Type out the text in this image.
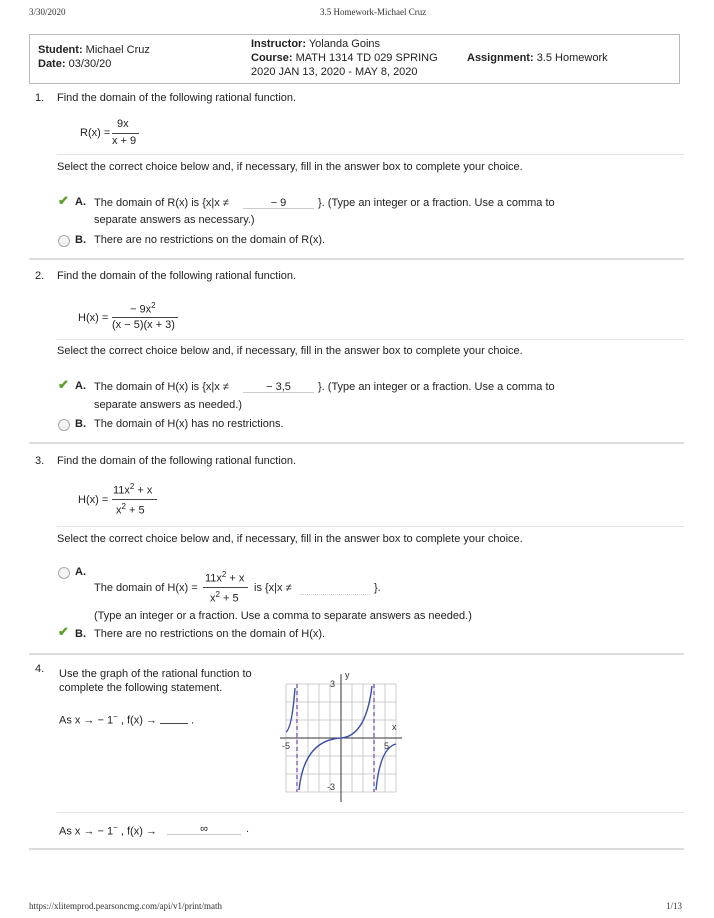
3/30/2020	3.5 Homework-Michael Cruz
Student: Michael Cruz
Date: 03/30/20
Instructor: Yolanda Goins
Course: MATH 1314 TD 029 SPRING
2020 JAN 13, 2020 - MAY 8, 2020
Assignment: 3.5 Homework
1. Find the domain of the following rational function.
R(x) =
9x
x + 9
Select the correct choice below and, if necessary, fill in the answer box to complete your choice.
✔ A. The domain of R(x) is {x|x ≠	− 9	}. (Type an integer or a fraction. Use a comma to
separate answers as necessary.)
B. There are no restrictions on the domain of R(x).
2. Find the domain of the following rational function.
H(x) =
− $9x^2$
(x − 5)(x + 3)
Select the correct choice below and, if necessary, fill in the answer box to complete your choice.
✔ A. The domain of H(x) is {x|x ≠	− 3,5	}. (Type an integer or a fraction. Use a comma to
separate answers as needed.)
B. The domain of H(x) has no restrictions.
3. Find the domain of the following rational function.
H(x) =
$11x^2 + x$
$x^2 + 5$
Select the correct choice below and, if necessary, fill in the answer box to complete your choice.
A.
The domain of H(x) =
$11x^2 + x$
$x^2 + 5$
is {x|x ≠	}.
(Type an integer or a fraction. Use a comma to separate answers as needed.)
✔ B. There are no restrictions on the domain of H(x).
4. Use the graph of the rational function to
complete the following statement.
As x → − 1− , f(x) →	.
y
x
3
-3
-5	5
As x → − 1− , f(x) →	∞	.
https://xlitemprod.pearsoncmg.com/api/v1/print/math	1/13
